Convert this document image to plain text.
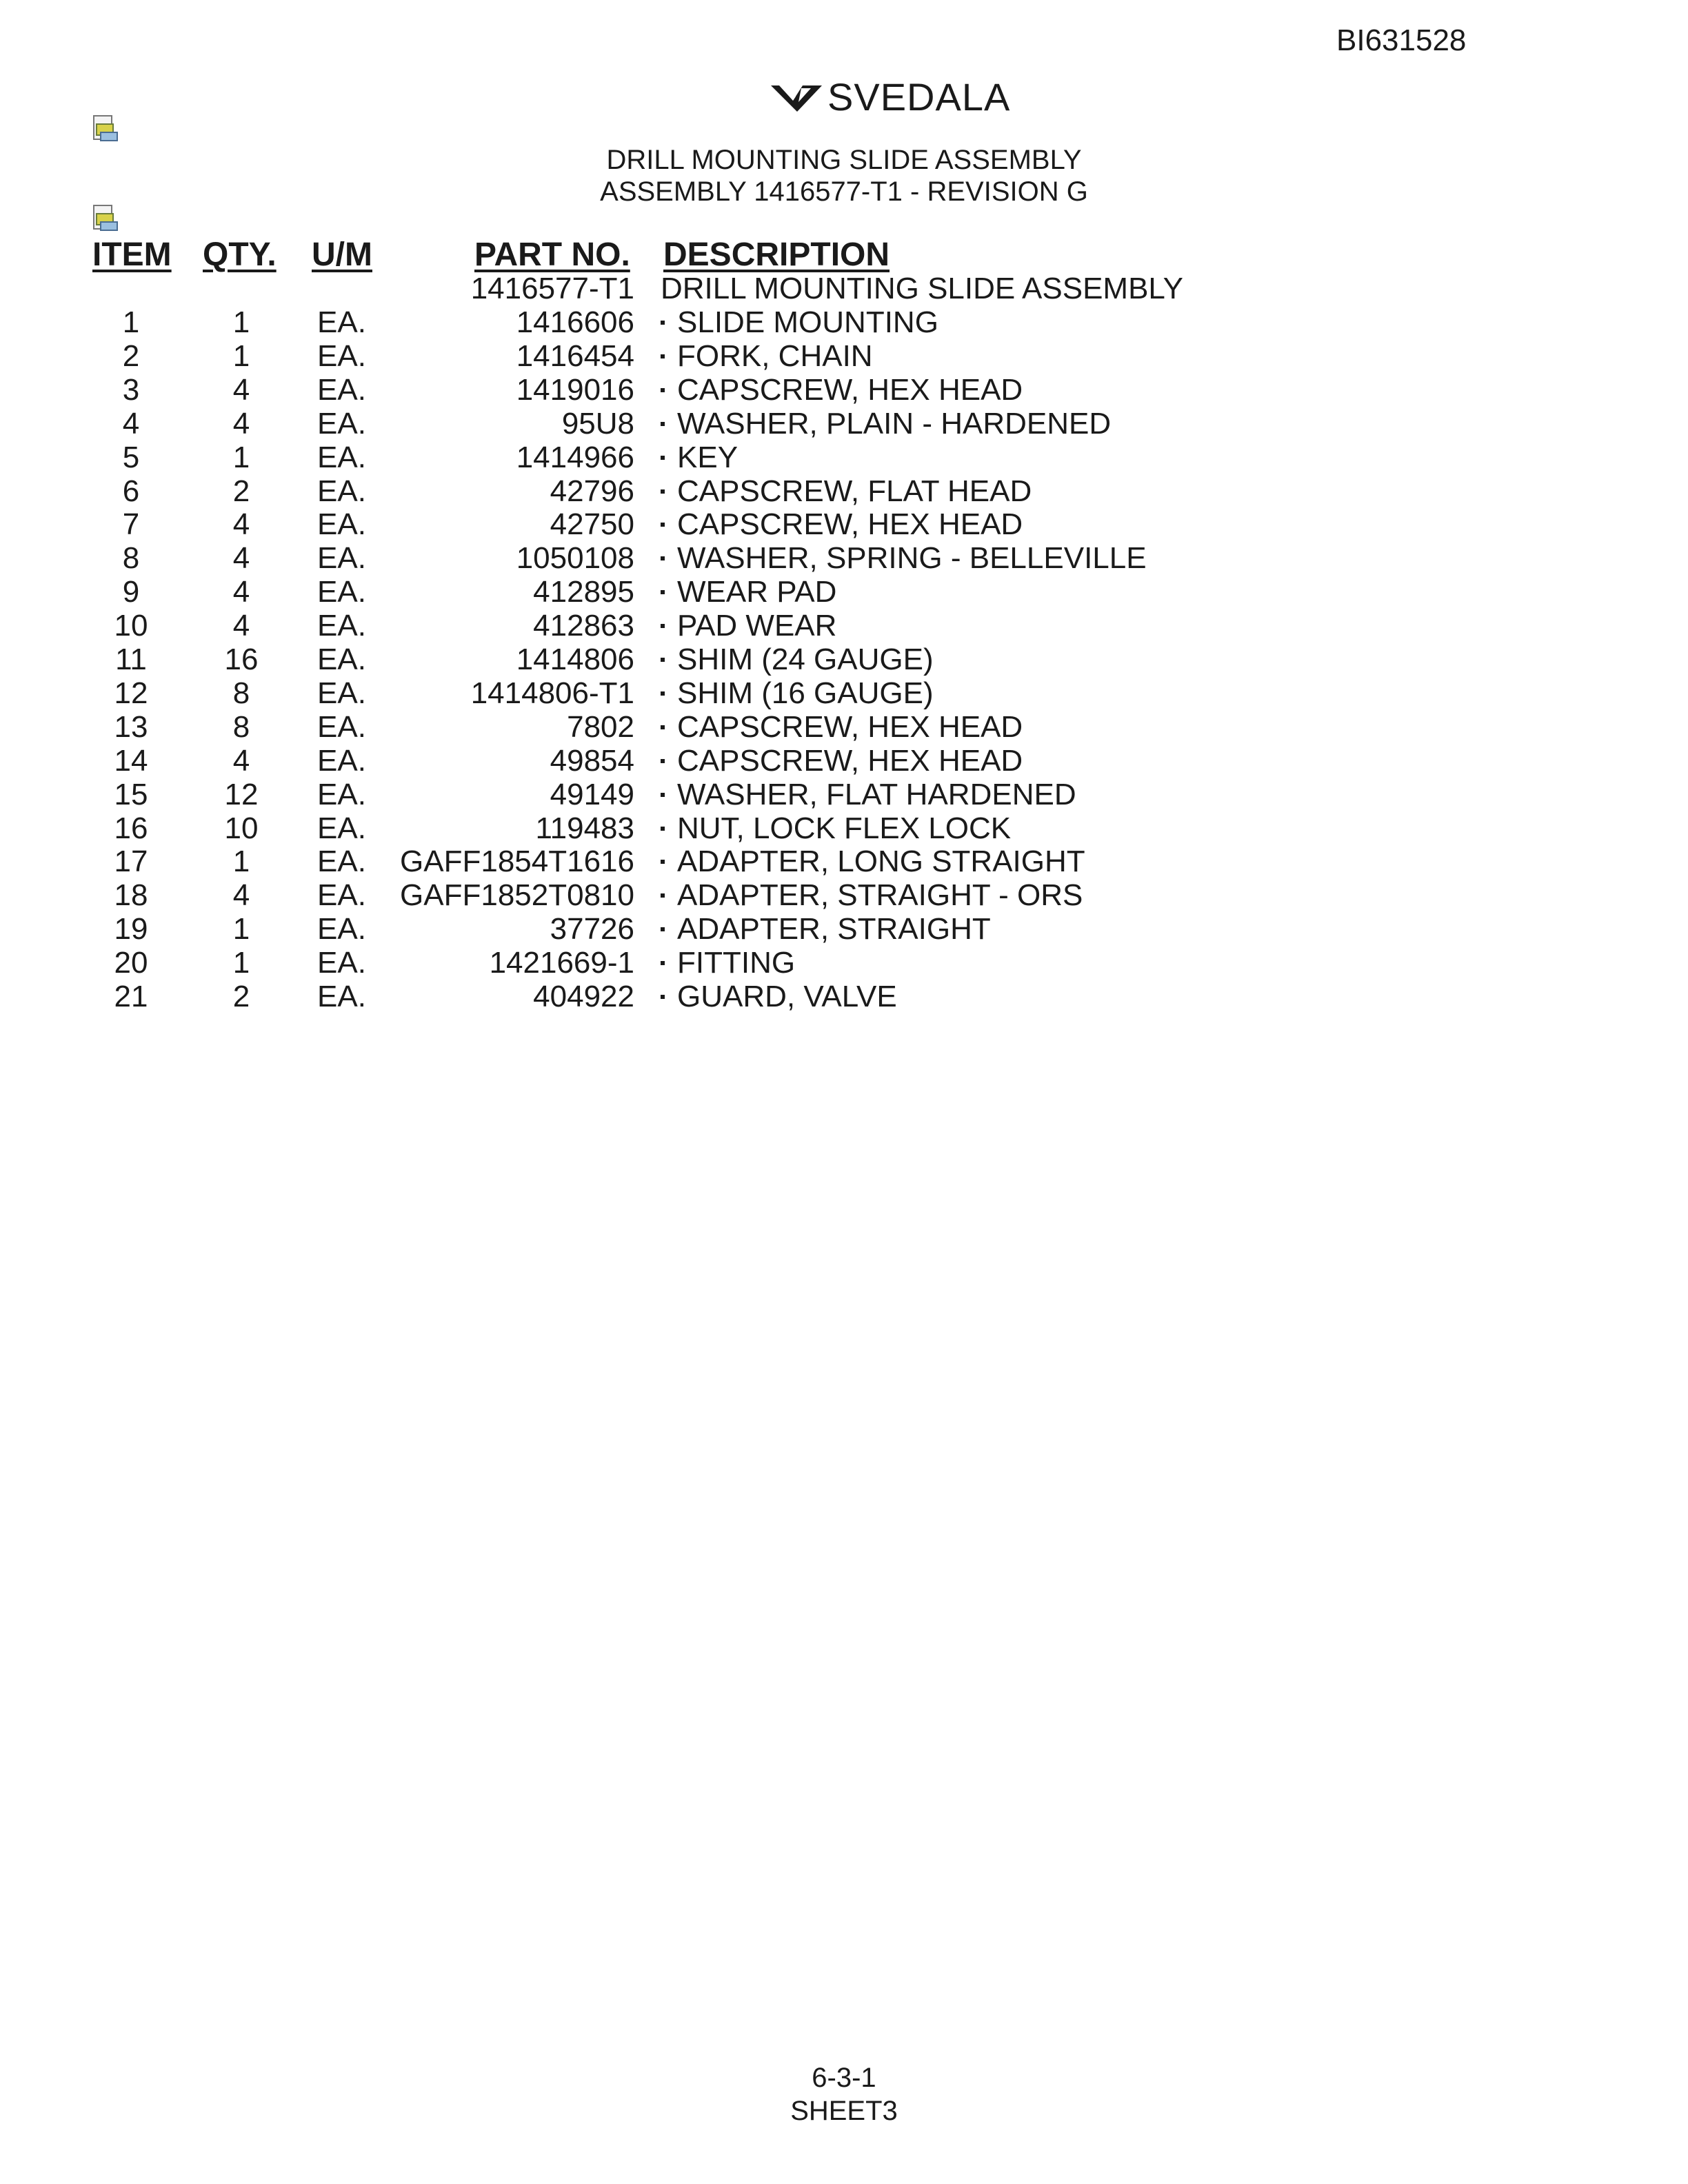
BI631528
SVEDALA
DRILL MOUNTING SLIDE ASSEMBLY
ASSEMBLY 1416577-T1 - REVISION G
ITEM QTY. U/M	PART NO. DESCRIPTION
1416577-T1 DRILL MOUNTING SLIDE ASSEMBLY
1	1	EA.	1416606 SLIDE MOUNTING
2	1	EA.	1416454 FORK, CHAIN
3	4	EA.	1419016 CAPSCREW, HEX HEAD
4	4	EA.	95U8 WASHER, PLAIN - HARDENED
5	1	EA.	1414966 KEY
6	2	EA.	42796 CAPSCREW, FLAT HEAD
7	4	EA.	42750 CAPSCREW, HEX HEAD
8	4	EA.	1050108 WASHER, SPRING - BELLEVILLE
9	4	EA.	412895 WEAR PAD
10	4	EA.	412863 PAD WEAR
11	16	EA.	1414806 SHIM (24 GAUGE)
12	8	EA.	1414806-T1 SHIM (16 GAUGE)
13	8	EA.	7802 CAPSCREW, HEX HEAD
14	4	EA.	49854 CAPSCREW, HEX HEAD
15	12	EA.	49149 WASHER, FLAT HARDENED
16	10	EA.	119483 NUT, LOCK FLEX LOCK
17	1	EA.	GAFF1854T1616 ADAPTER, LONG STRAIGHT
18	4	EA.	GAFF1852T0810 ADAPTER, STRAIGHT - ORS
19	1	EA.	37726 ADAPTER, STRAIGHT
20	1	EA.	1421669-1 FITTING
21	2	EA.	404922 GUARD, VALVE
6-3-1
SHEET3
